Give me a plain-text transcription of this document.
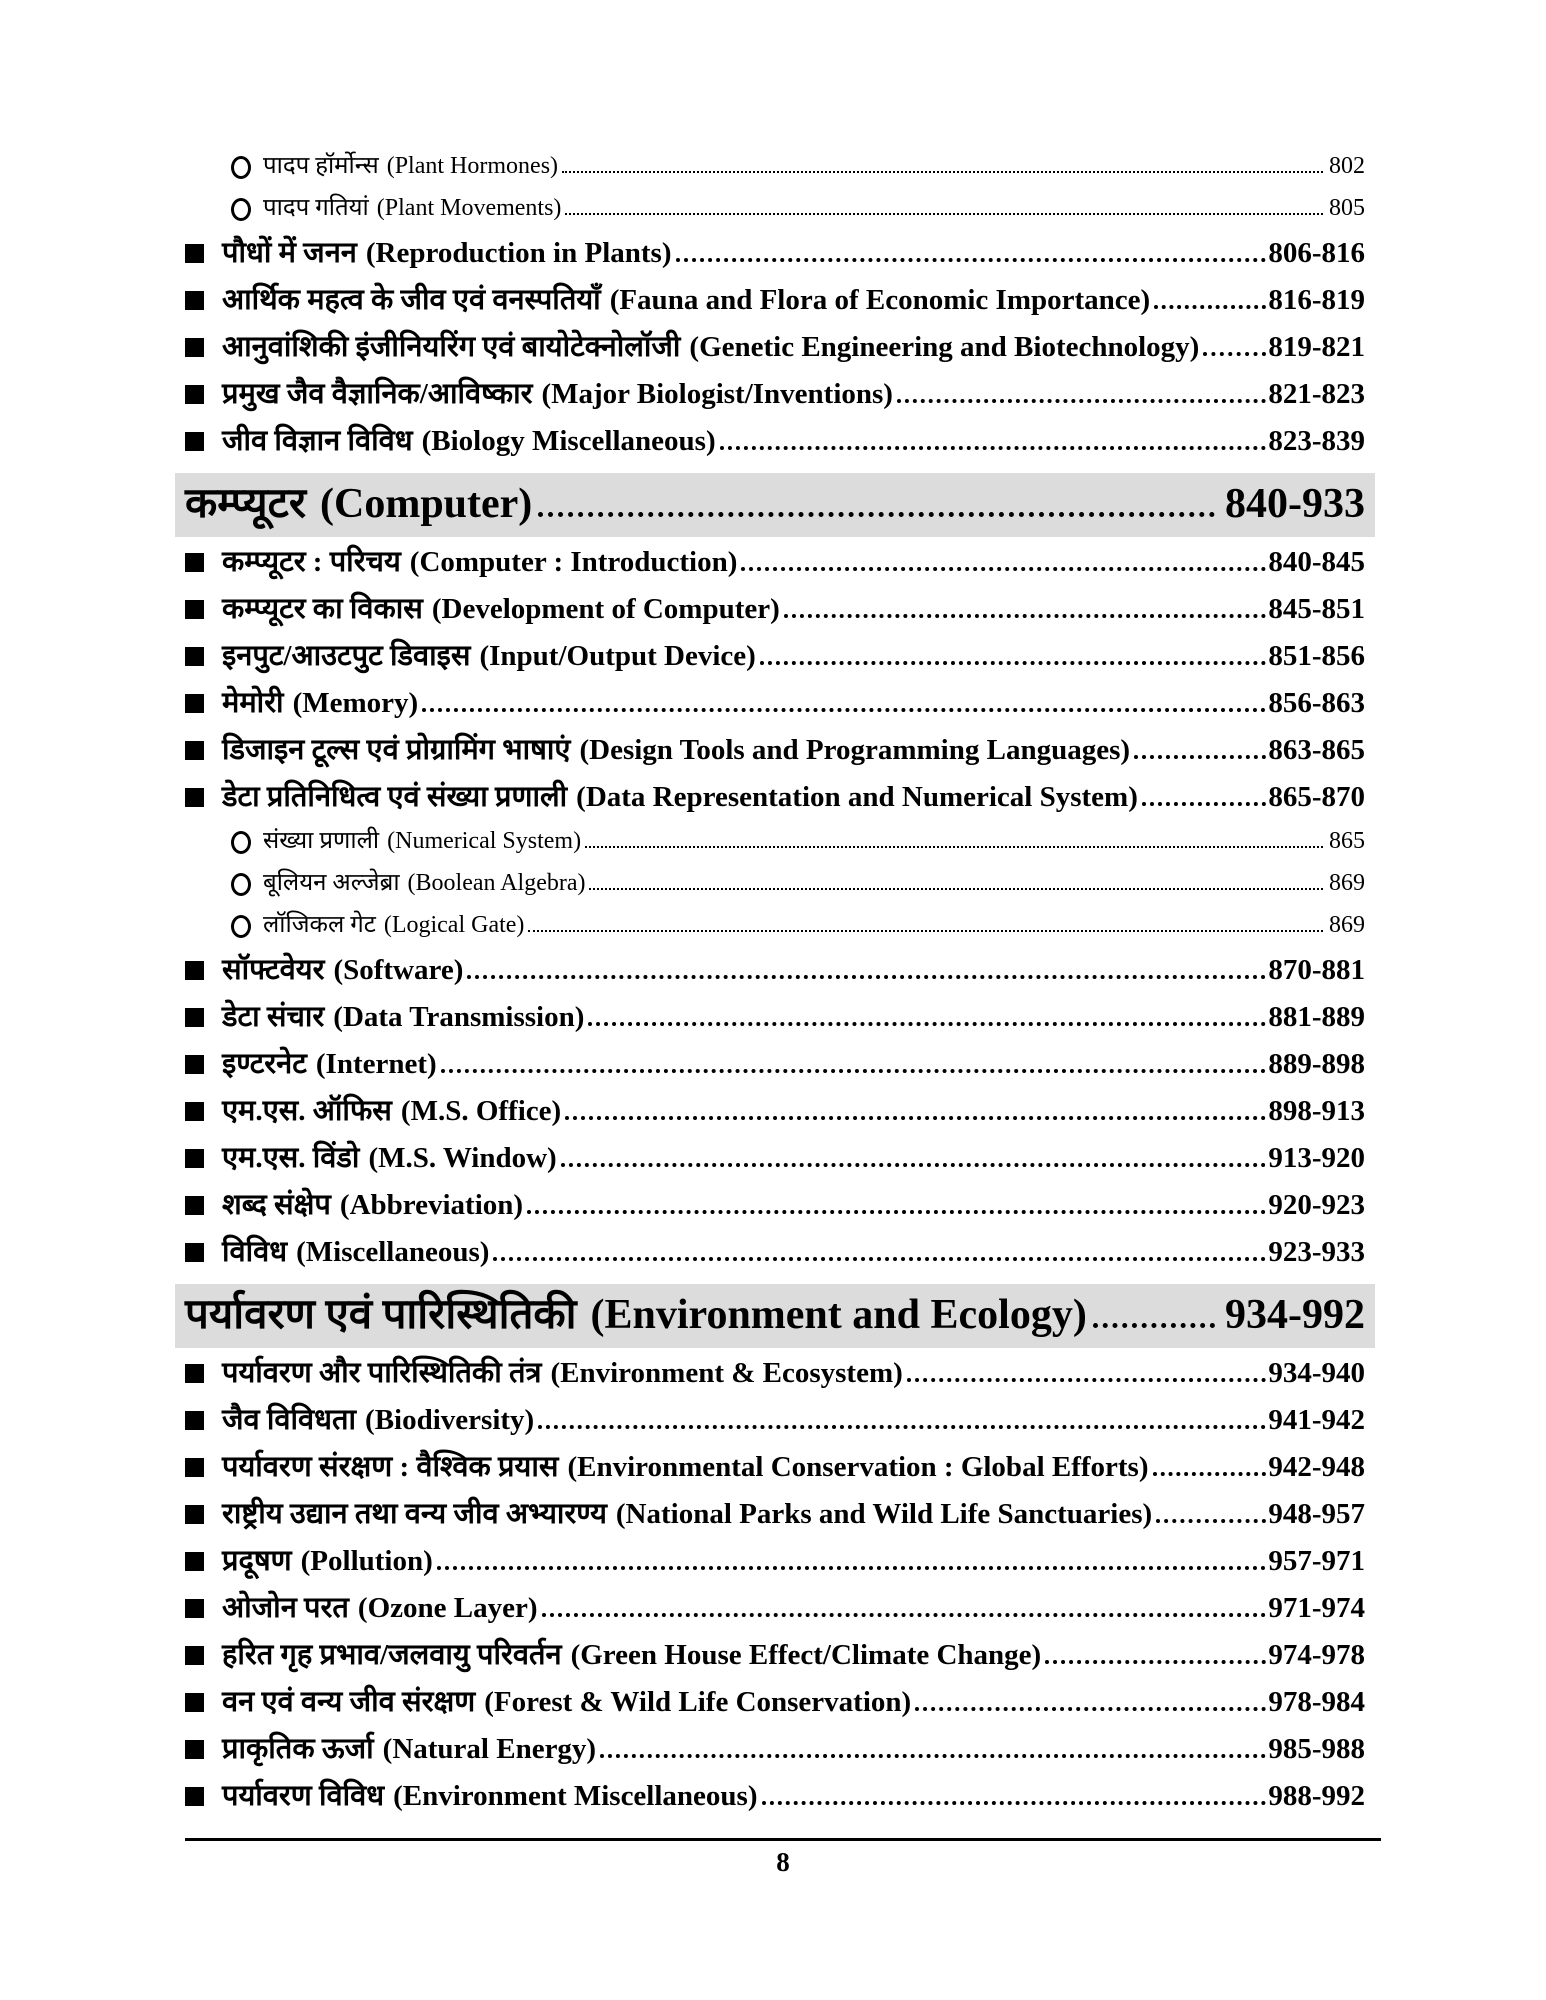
पादप हॉर्मोन्स (Plant Hormones)	802
पादप गतियां (Plant Movements)	805
पौधों में जनन (Reproduction in Plants)	806-816
आर्थिक महत्व के जीव एवं वनस्पतियाँ (Fauna and Flora of Economic Importance)	816-819
आनुवांशिकी इंजीनियरिंग एवं बायोटेक्नोलॉजी (Genetic Engineering and Biotechnology) 819-821
प्रमुख जैव वैज्ञानिक/आविष्कार (Major Biologist/Inventions)	821-823
जीव विज्ञान विविध (Biology Miscellaneous)	823-839
कम्प्यूटर (Computer)	840-933
कम्प्यूटर : परिचय (Computer : Introduction)	840-845
कम्प्यूटर का विकास (Development of Computer)	845-851
इनपुट/आउटपुट डिवाइस (Input/Output Device)	851-856
मेमोरी (Memory)	856-863
डिजाइन टूल्स एवं प्रोग्रामिंग भाषाएं (Design Tools and Programming Languages)	863-865
डेटा प्रतिनिधित्व एवं संख्या प्रणाली (Data Representation and Numerical System)	865-870
संख्या प्रणाली (Numerical System)	865
बूलियन अल्जेब्रा (Boolean Algebra)	869
लॉजिकल गेट (Logical Gate)	869
सॉफ्टवेयर (Software)	870-881
डेटा संचार (Data Transmission)	881-889
इण्टरनेट (Internet)	889-898
एम.एस. ऑफिस (M.S. Office)	898-913
एम.एस. विंडो (M.S. Window)	913-920
शब्द संक्षेप (Abbreviation)	920-923
विविध (Miscellaneous)	923-933
पर्यावरण एवं पारिस्थितिकी (Environment and Ecology)	934-992
पर्यावरण और पारिस्थितिकी तंत्र (Environment & Ecosystem)	934-940
जैव विविधता (Biodiversity)	941-942
पर्यावरण संरक्षण : वैश्विक प्रयास (Environmental Conservation : Global Efforts)	942-948
राष्ट्रीय उद्यान तथा वन्य जीव अभ्यारण्य (National Parks and Wild Life Sanctuaries)	948-957
प्रदूषण (Pollution)	957-971
ओजोन परत (Ozone Layer)	971-974
हरित गृह प्रभाव/जलवायु परिवर्तन (Green House Effect/Climate Change)	974-978
वन एवं वन्य जीव संरक्षण (Forest & Wild Life Conservation)	978-984
प्राकृतिक ऊर्जा (Natural Energy)	985-988
पर्यावरण विविध (Environment Miscellaneous)	988-992
8
